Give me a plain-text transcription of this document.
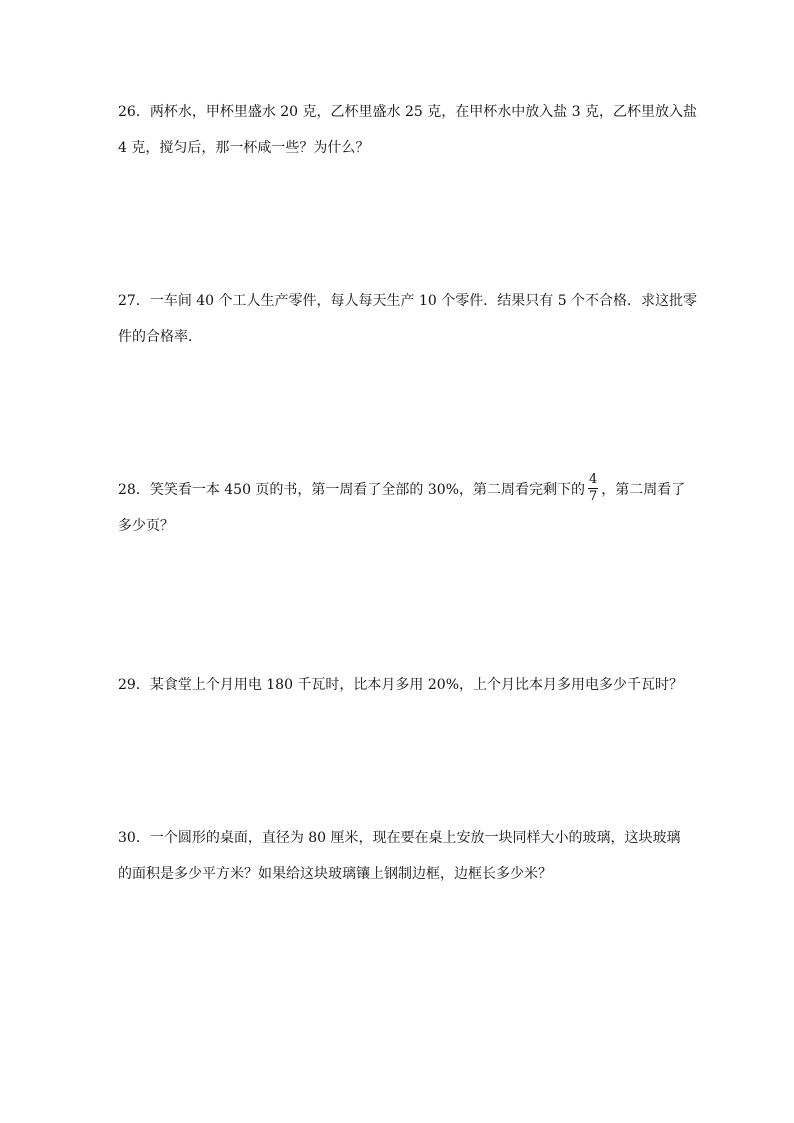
26．两杯水，甲杯里盛水 20 克，乙杯里盛水 25 克，在甲杯水中放入盐 3 克，乙杯里放入盐
4 克，搅匀后，那一杯咸一些？为什么？
27．一车间 40 个工人生产零件，每人每天生产 10 个零件．结果只有 5 个不合格．求这批零
件的合格率．
28．笑笑看一本 450 页的书，第一周看了全部的 30%，第二周看完剩下的 $\frac{4}{7}$ ，第二周看了
多少页？
29．某食堂上个月用电 180 千瓦时，比本月多用 20%，上个月比本月多用电多少千瓦时？
30．一个圆形的桌面，直径为 80 厘米，现在要在桌上安放一块同样大小的玻璃，这块玻璃
的面积是多少平方米？如果给这块玻璃镶上钢制边框，边框长多少米？
